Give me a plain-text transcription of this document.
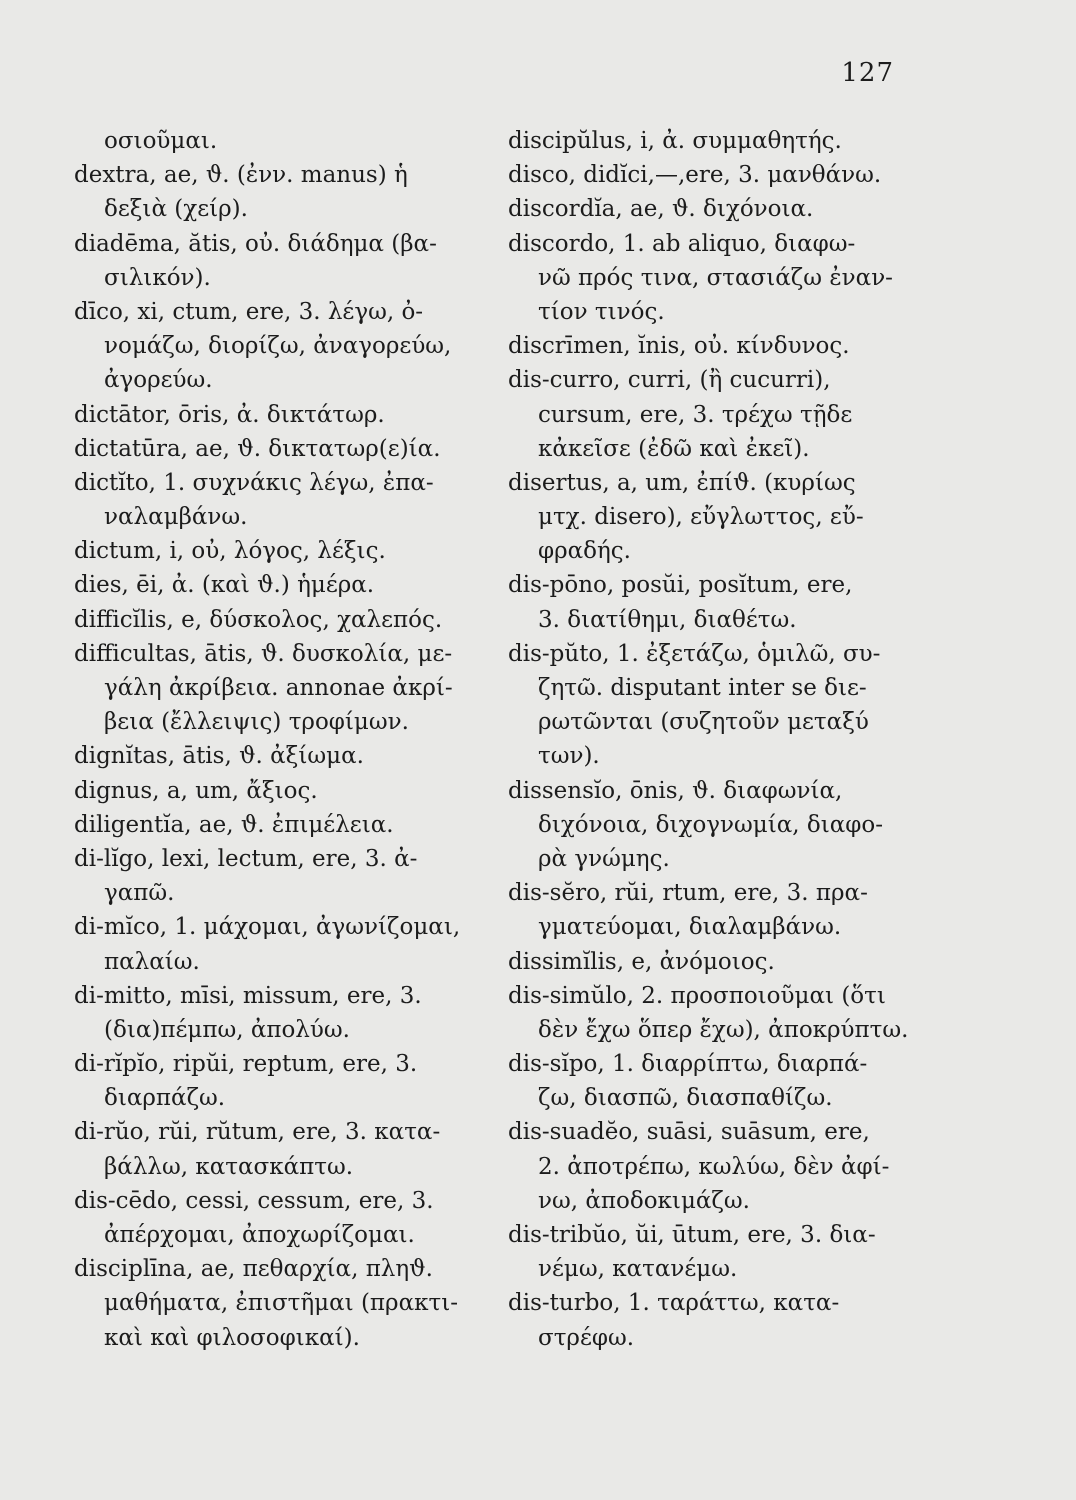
127
οσιοῦμαι.
dextra, ae, ϑ. (ἐνν. manus) ἡ
δεξιὰ (χείρ).
diadēma, ătis, οὐ. διάδημα (βα-
σιλικόν).
dīco, xi, ctum, ere, 3. λέγω, ὀ-
νομάζω, διορίζω, ἀναγορεύω,
ἀγορεύω.
dictātor, ōris, ἀ. δικτάτωρ.
dictatūra, ae, ϑ. δικτατωρ(ε)ία.
dictĭto, 1. συχνάκις λέγω, ἐπα-
ναλαμβάνω.
dictum, i, οὐ, λόγος, λέξις.
dies, ēi, ἀ. (καὶ ϑ.) ἡμέρα.
difficĭlis, e, δύσκολος, χαλεπός.
difficultas, ātis, ϑ. δυσκολία, με-
γάλη ἀκρίβεια. annonae ἀκρί-
βεια (ἔλλειψις) τροφίμων.
dignĭtas, ātis, ϑ. ἀξίωμα.
dignus, a, um, ἄξιος.
diligentĭa, ae, ϑ. ἐπιμέλεια.
di-lĭgo, lexi, lectum, ere, 3. ἀ-
γαπῶ.
di-mĭco, 1. μάχομαι, ἀγωνίζομαι,
παλαίω.
di-mitto, mīsi, missum, ere, 3.
(δια)πέμπω, ἀπολύω.
di-rĭpĭo, ripŭi, reptum, ere, 3.
διαρπάζω.
di-rŭo, rŭi, rŭtum, ere, 3. κατα-
βάλλω, κατασκάπτω.
dis-cēdo, cessi, cessum, ere, 3.
ἀπέρχομαι, ἀποχωρίζομαι.
disciplīna, ae, πεθαρχία, πληϑ.
μαθήματα, ἐπιστῆμαι (πρακτι-
καὶ καὶ φιλοσοφικαί).
discipŭlus, i, ἀ. συμμαθητής.
disco, didĭci,—,ere, 3. μανθάνω.
discordĭa, ae, ϑ. διχόνοια.
discordo, 1. ab aliquo, διαφω-
νῶ πρός τινα, στασιάζω ἐναν-
τίον τινός.
discrīmen, ĭnis, οὐ. κίνδυνος.
dis-curro, curri, (ἢ cucurri),
cursum, ere, 3. τρέχω τῇδε
κἀκεῖσε (ἐδῶ καὶ ἐκεῖ).
disertus, a, um, ἐπίϑ. (κυρίως
μτχ. disero), εὔγλωττος, εὔ-
φραδής.
dis-pōno, posŭi, posĭtum, ere,
3. διατίθημι, διαθέτω.
dis-pŭto, 1. ἐξετάζω, ὁμιλῶ, συ-
ζητῶ. disputant inter se διε-
ρωτῶνται (συζητοῦν μεταξύ
των).
dissensĭo, ōnis, ϑ. διαφωνία,
διχόνοια, διχογνωμία, διαφο-
ρὰ γνώμης.
dis-sĕro, rŭi, rtum, ere, 3. πρα-
γματεύομαι, διαλαμβάνω.
dissimĭlis, e, ἀνόμοιος.
dis-simŭlo, 2. προσποιοῦμαι (ὅτι
δὲν ἔχω ὅπερ ἔχω), ἀποκρύπτω.
dis-sĭpo, 1. διαρρίπτω, διαρπά-
ζω, διασπῶ, διασπαθίζω.
dis-suadĕo, suāsi, suāsum, ere,
2. ἀποτρέπω, κωλύω, δὲν ἀφί-
νω, ἀποδοκιμάζω.
dis-tribŭo, ŭi, ūtum, ere, 3. δια-
νέμω, κατανέμω.
dis-turbo, 1. ταράττω, κατα-
στρέφω.
